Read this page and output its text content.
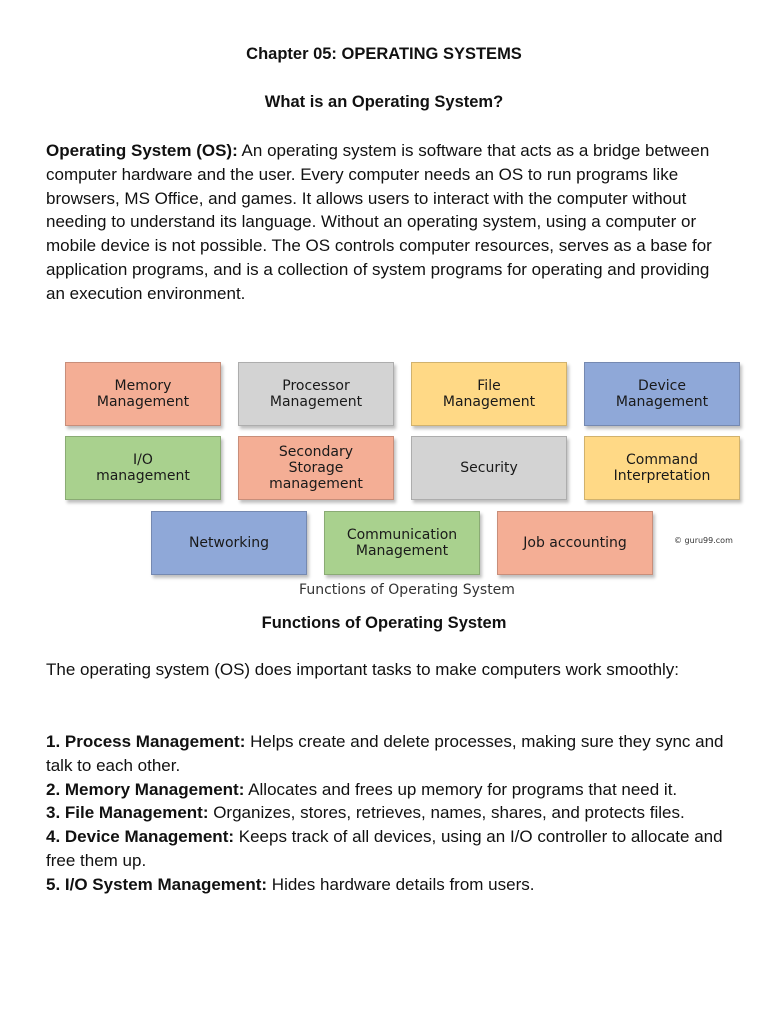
Chapter 05: OPERATING SYSTEMS
What is an Operating System?

Operating System (OS): An operating system is software that acts as a bridge between computer hardware and the user. Every computer needs an OS to run programs like browsers, MS Office, and games. It allows users to interact with the computer without needing to understand its language. Without an operating system, using a computer or mobile device is not possible. The OS controls computer resources, serves as a base for application programs, and is a collection of system programs for operating and providing an execution environment.

Memory
Management
Processor
Management
File
Management
Device
Management
I/O
management
Secondary
Storage
management
Security	Command
Interpretation
Networking	Communication
Management	Job accounting	© guru99.com
Functions of Operating System
Functions of Operating System

The operating system (OS) does important tasks to make computers work smoothly:

1. Process Management: Helps create and delete processes, making sure they sync and talk to each other.
2. Memory Management: Allocates and frees up memory for programs that need it.
3. File Management: Organizes, stores, retrieves, names, shares, and protects files.
4. Device Management: Keeps track of all devices, using an I/O controller to allocate and free them up.
5. I/O System Management: Hides hardware details from users.
